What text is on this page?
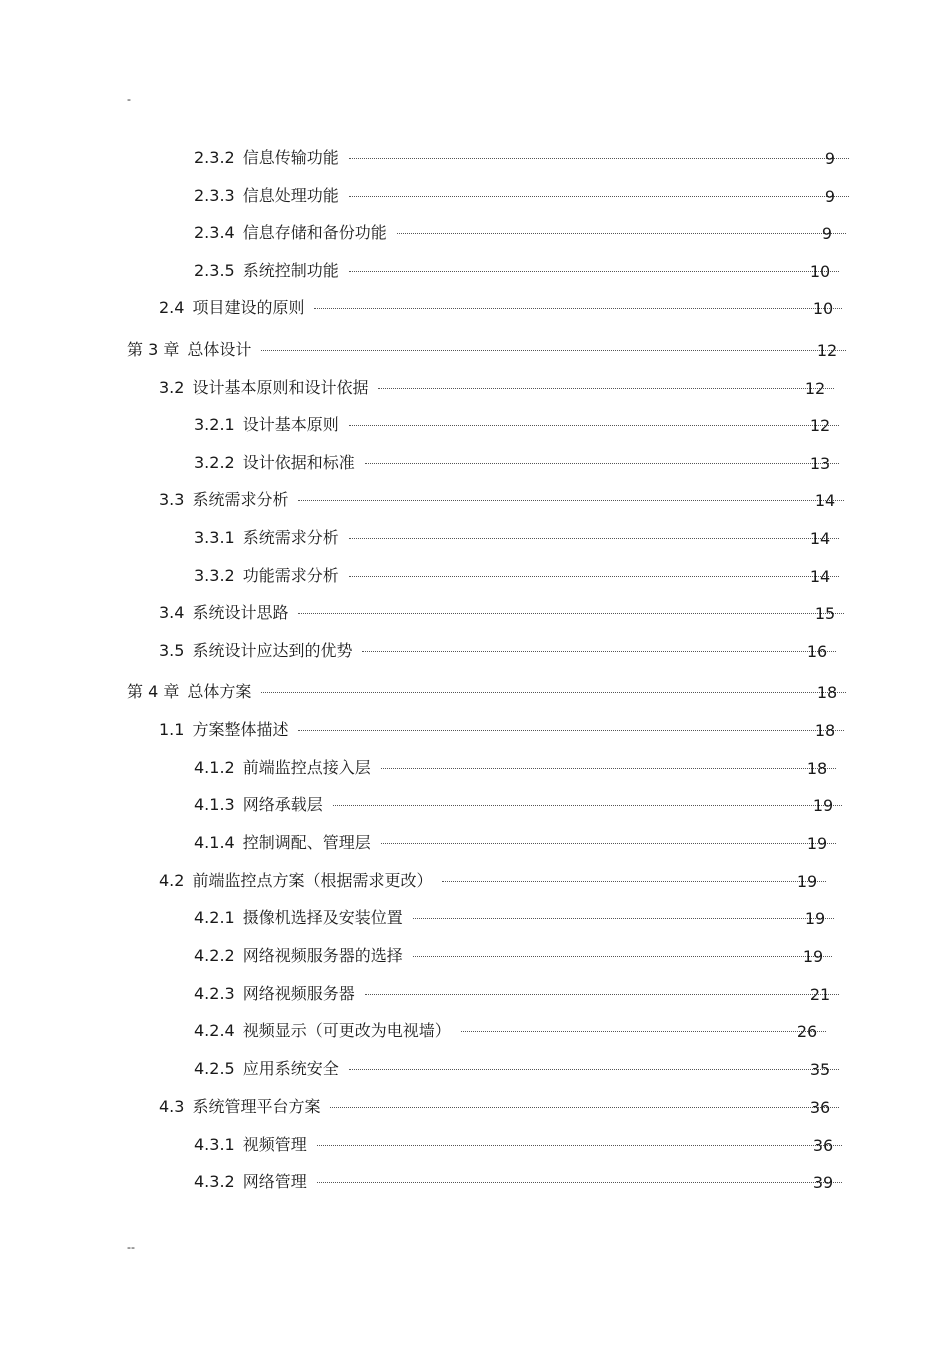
-
2.3.2 信息传输功能	9
2.3.3 信息处理功能	9
2.3.4 信息存储和备份功能	9
2.3.5 系统控制功能	10
2.4 项目建设的原则	10
第 3 章 总体设计	12
3.2 设计基本原则和设计依据	12
3.2.1 设计基本原则	12
3.2.2 设计依据和标准	13
3.3 系统需求分析	14
3.3.1 系统需求分析	14
3.3.2 功能需求分析	14
3.4 系统设计思路	15
3.5 系统设计应达到的优势	16
第 4 章 总体方案	18
1.1 方案整体描述	18
4.1.2 前端监控点接入层	18
4.1.3 网络承载层	19
4.1.4 控制调配、管理层	19
4.2 前端监控点方案（根据需求更改）	19
4.2.1 摄像机选择及安装位置	19
4.2.2 网络视频服务器的选择	19
4.2.3 网络视频服务器	21
4.2.4 视频显示（可更改为电视墙）	26
4.2.5 应用系统安全	35
4.3 系统管理平台方案	36
4.3.1 视频管理	36
4.3.2 网络管理	39
--
